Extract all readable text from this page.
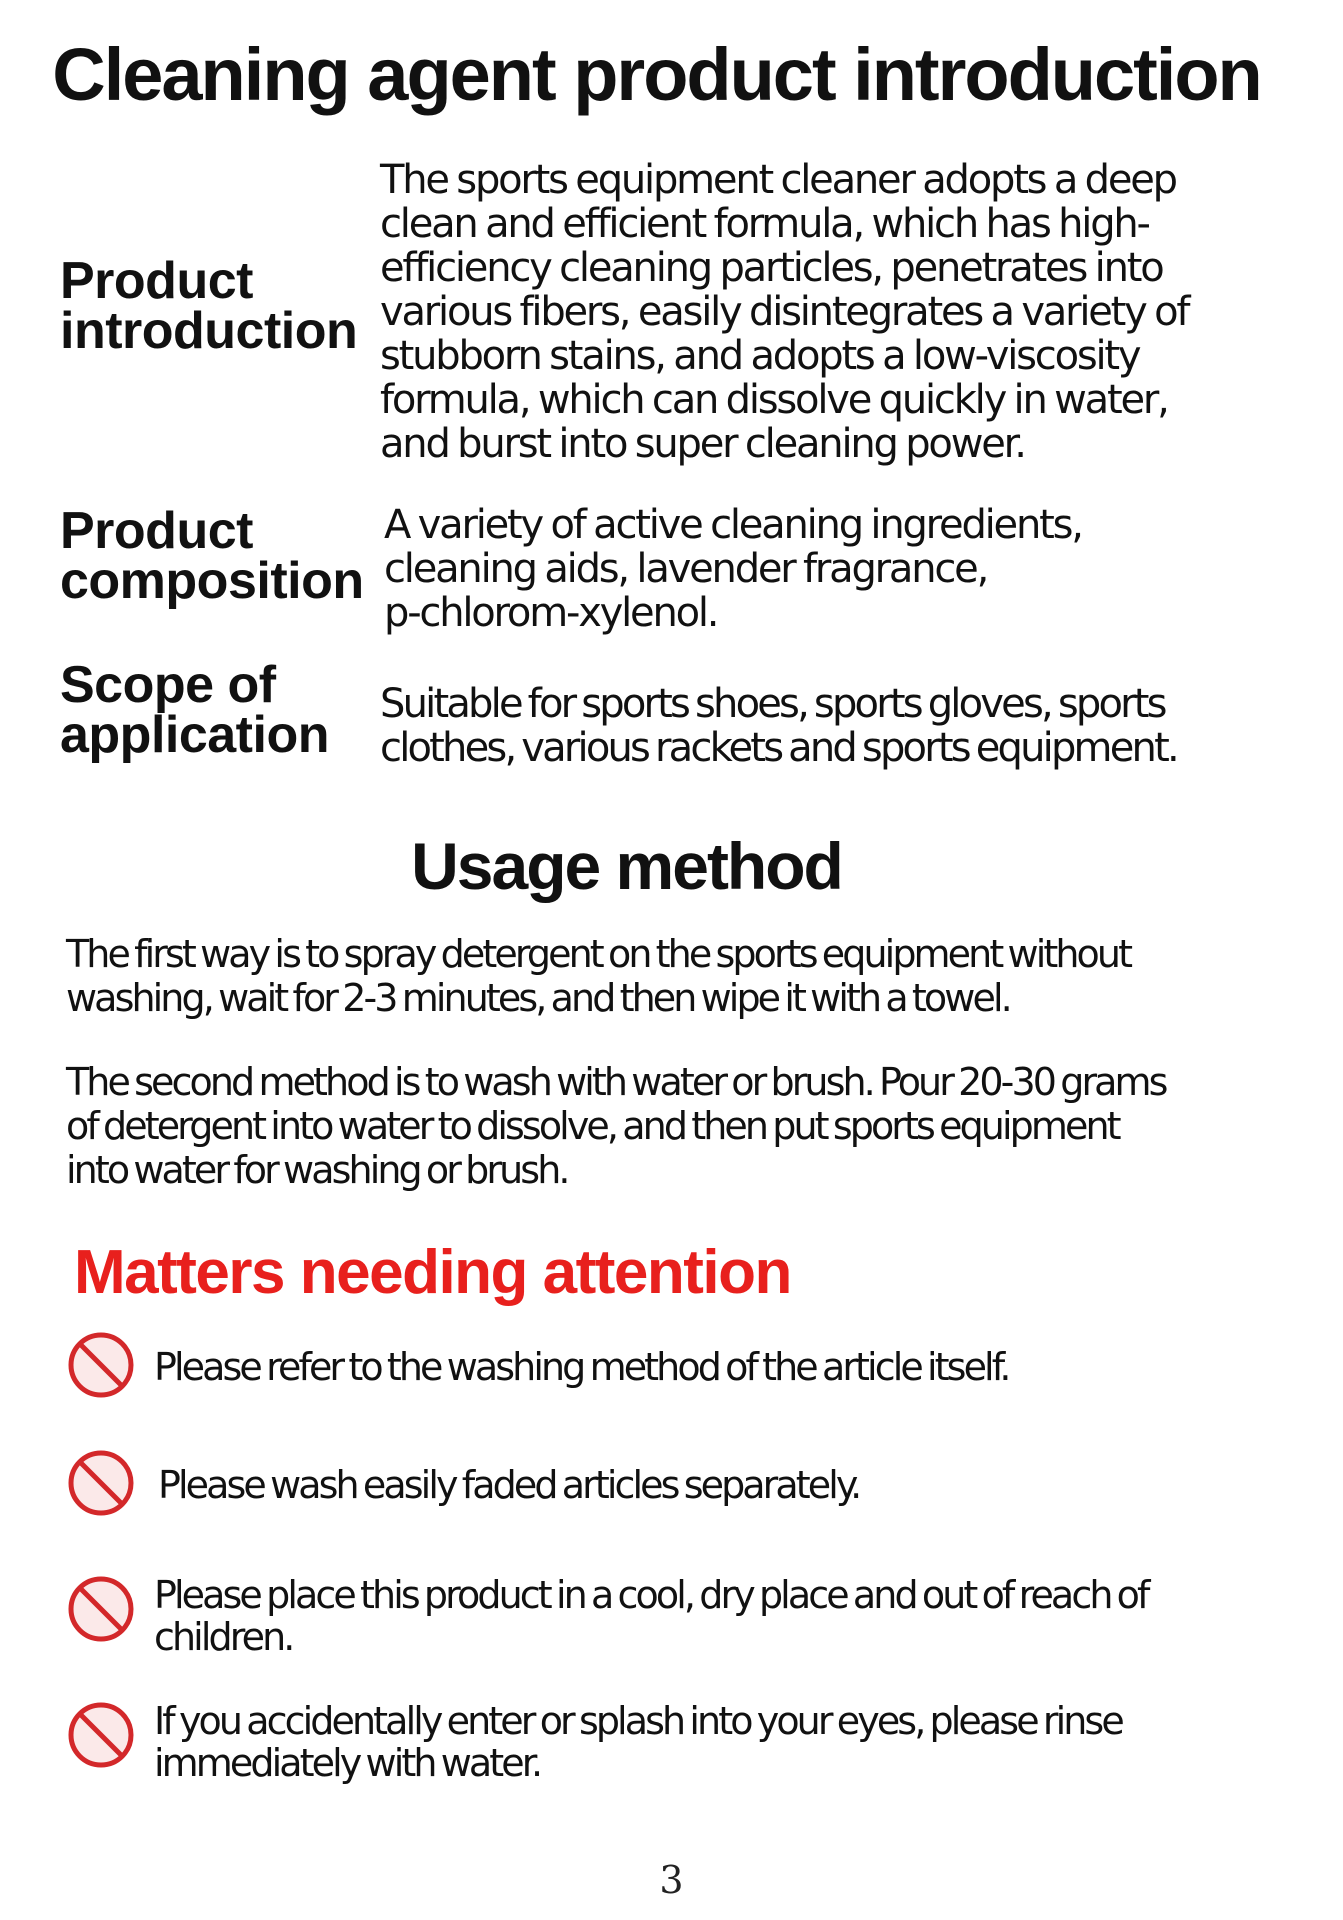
Cleaning agent product introduction
Product
introduction
The sports equipment cleaner adopts a deep
clean and efficient formula, which has high-
efficiency cleaning particles, penetrates into
various fibers, easily disintegrates a variety of
stubborn stains, and adopts a low-viscosity
formula, which can dissolve quickly in water,
and burst into super cleaning power.
Product
composition
A variety of active cleaning ingredients,
cleaning aids, lavender fragrance,
p-chlorom-xylenol.
Scope of
application
Suitable for sports shoes, sports gloves, sports
clothes, various rackets and sports equipment.
Usage method
The first way is to spray detergent on the sports equipment without
washing, wait for 2-3 minutes, and then wipe it with a towel.
The second method is to wash with water or brush. Pour 20-30 grams
of detergent into water to dissolve, and then put sports equipment
into water for washing or brush.
Matters needing attention
Please refer to the washing method of the article itself.
Please wash easily faded articles separately.
Please place this product in a cool, dry place and out of reach of
children.
If you accidentally enter or splash into your eyes, please rinse
immediately with water.
3
